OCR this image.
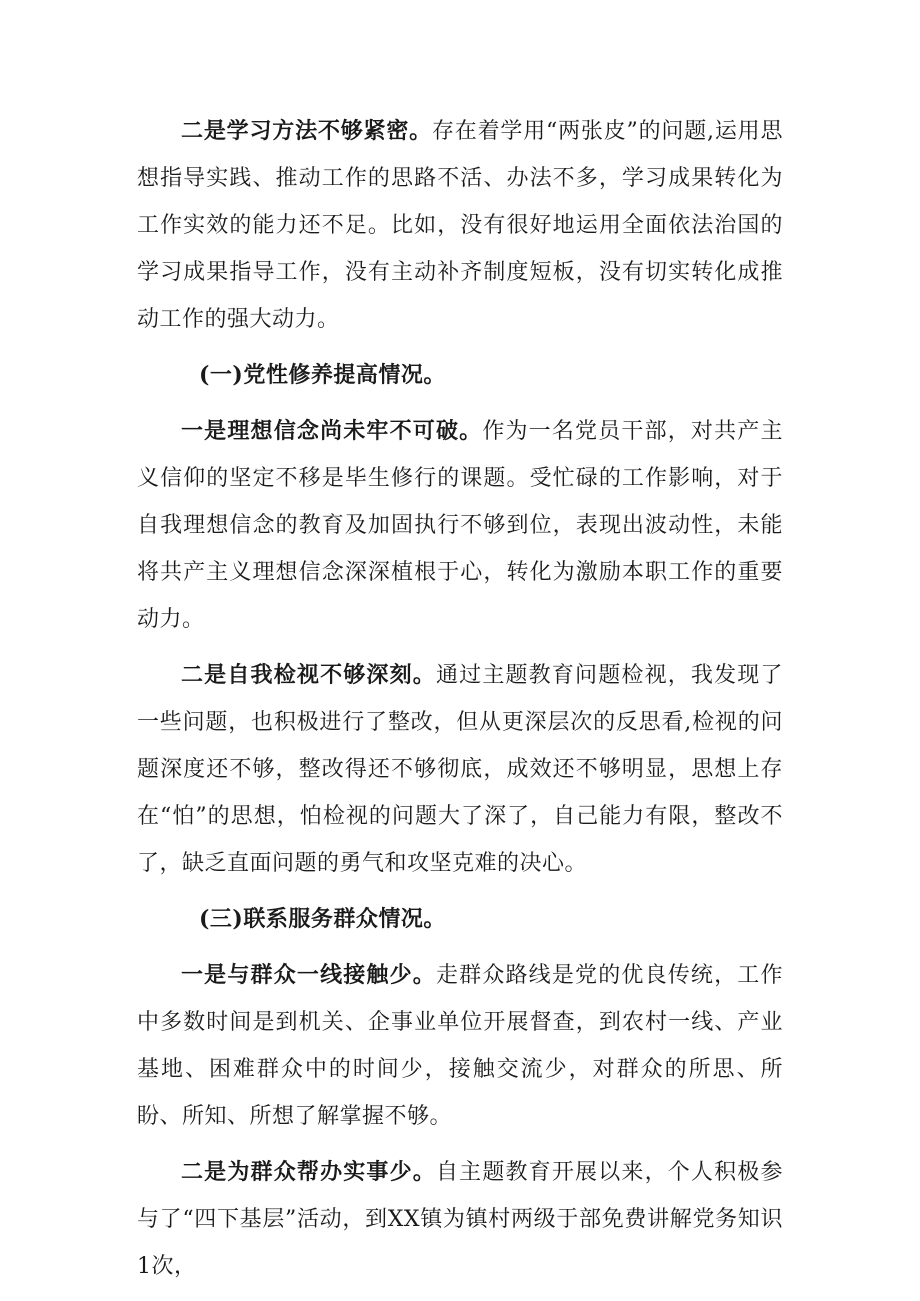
二是学习方法不够紧密。存在着学用“两张皮”的问题,运用思想指导实践、推动工作的思路不活、办法不多，学习成果转化为工作实效的能力还不足。比如，没有很好地运用全面依法治国的学习成果指导工作，没有主动补齐制度短板，没有切实转化成推动工作的强大动力。

(一)党性修养提高情况。

一是理想信念尚未牢不可破。作为一名党员干部，对共产主义信仰的坚定不移是毕生修行的课题。受忙碌的工作影响，对于自我理想信念的教育及加固执行不够到位，表现出波动性，未能将共产主义理想信念深深植根于心，转化为激励本职工作的重要动力。

二是自我检视不够深刻。通过主题教育问题检视，我发现了一些问题，也积极进行了整改，但从更深层次的反思看,检视的问题深度还不够，整改得还不够彻底，成效还不够明显，思想上存在“怕”的思想，怕检视的问题大了深了，自己能力有限，整改不了，缺乏直面问题的勇气和攻坚克难的决心。

(三)联系服务群众情况。

一是与群众一线接触少。走群众路线是党的优良传统，工作中多数时间是到机关、企事业单位开展督查，到农村一线、产业基地、困难群众中的时间少，接触交流少，对群众的所思、所盼、所知、所想了解掌握不够。

二是为群众帮办实事少。自主题教育开展以来，个人积极参与了“四下基层”活动，到XX镇为镇村两级于部免费讲解党务知识1次，
